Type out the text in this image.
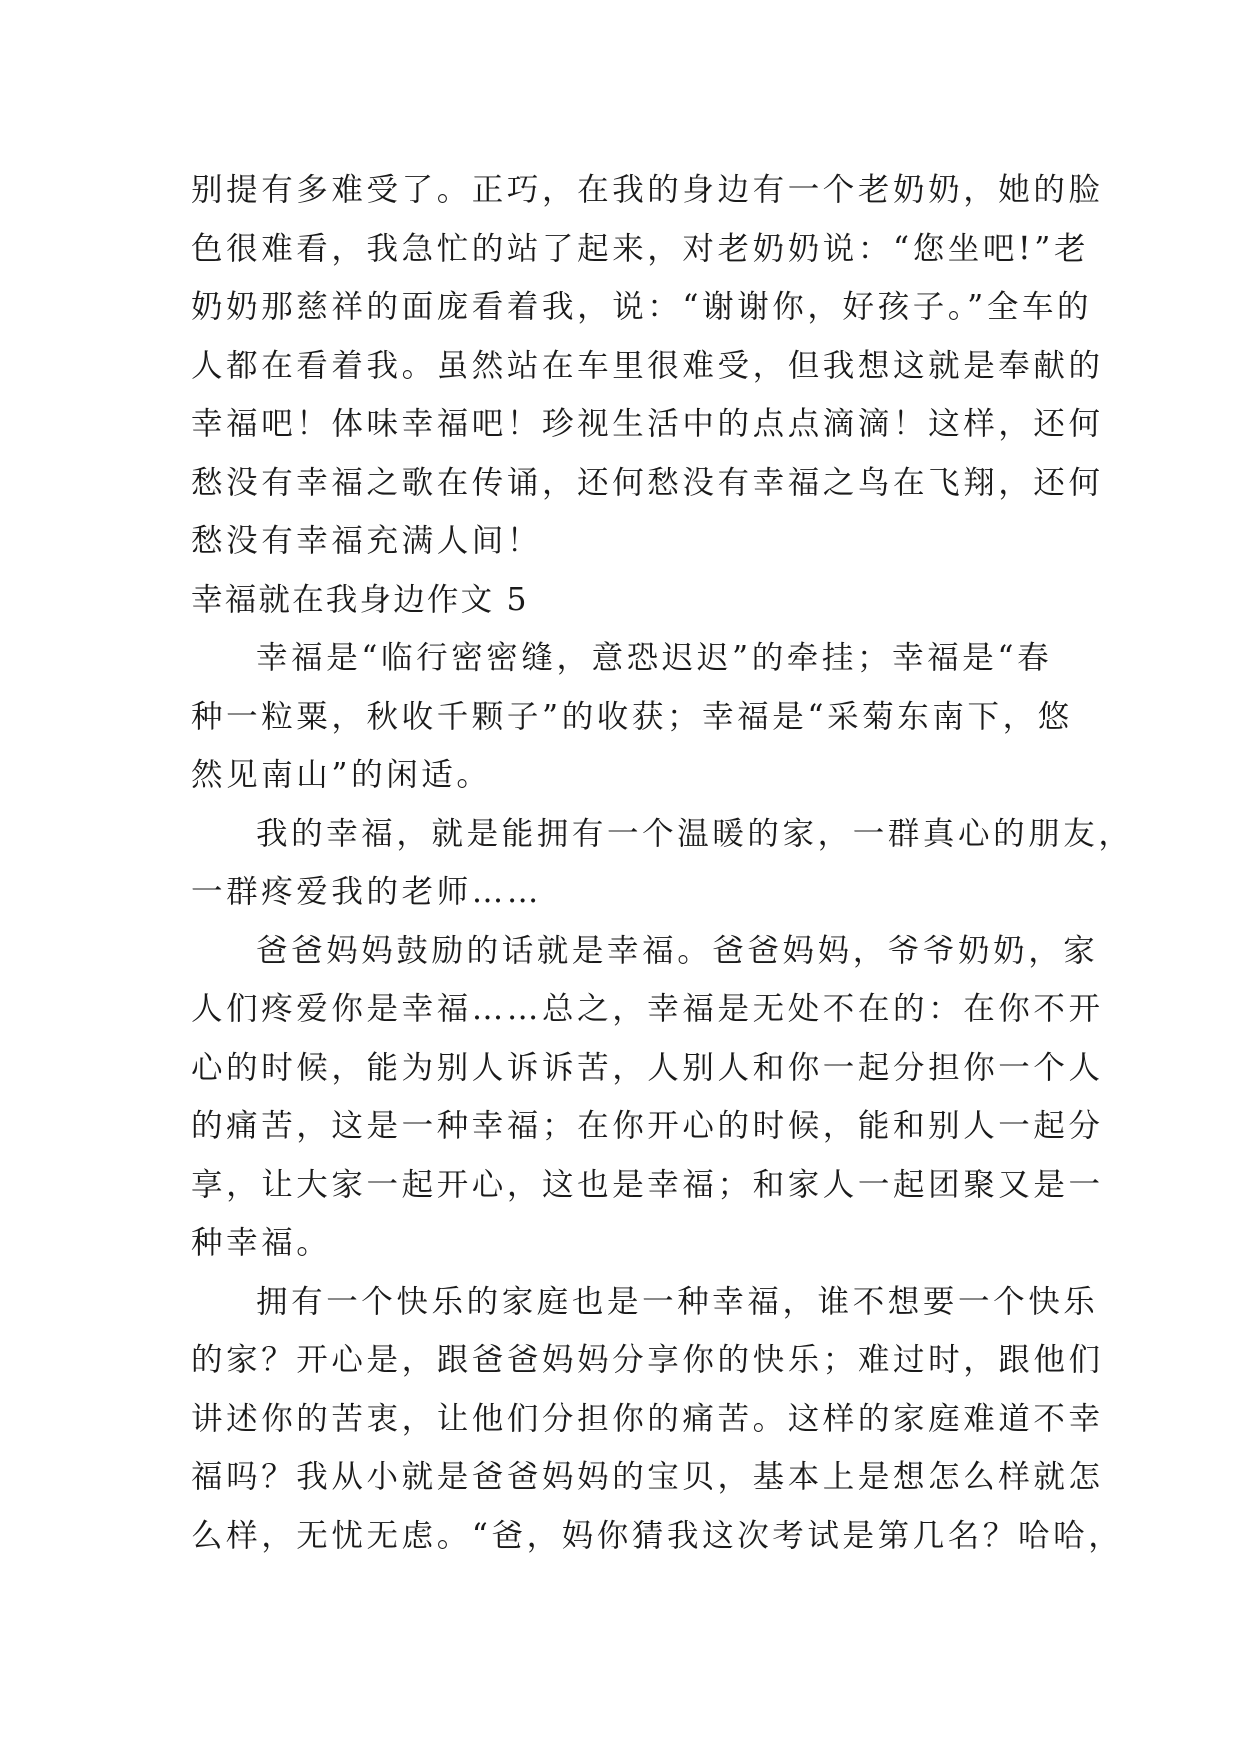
别提有多难受了。正巧，在我的身边有一个老奶奶，她的脸
色很难看，我急忙的站了起来，对老奶奶说：“您坐吧!”老
奶奶那慈祥的面庞看着我，说：“谢谢你，好孩子。”全车的
人都在看着我。虽然站在车里很难受，但我想这就是奉献的
幸福吧！体味幸福吧！珍视生活中的点点滴滴！这样，还何
愁没有幸福之歌在传诵，还何愁没有幸福之鸟在飞翔，还何
愁没有幸福充满人间！
幸福就在我身边作文 5
幸福是“临行密密缝，意恐迟迟”的牵挂；幸福是“春
种一粒粟，秋收千颗子”的收获；幸福是“采菊东南下，悠
然见南山”的闲适。
我的幸福，就是能拥有一个温暖的家，一群真心的朋友，
一群疼爱我的老师……
爸爸妈妈鼓励的话就是幸福。爸爸妈妈，爷爷奶奶，家
人们疼爱你是幸福……总之，幸福是无处不在的：在你不开
心的时候，能为别人诉诉苦，人别人和你一起分担你一个人
的痛苦，这是一种幸福；在你开心的时候，能和别人一起分
享，让大家一起开心，这也是幸福；和家人一起团聚又是一
种幸福。
拥有一个快乐的家庭也是一种幸福，谁不想要一个快乐
的家？开心是，跟爸爸妈妈分享你的快乐；难过时，跟他们
讲述你的苦衷，让他们分担你的痛苦。这样的家庭难道不幸
福吗？我从小就是爸爸妈妈的宝贝，基本上是想怎么样就怎
么样，无忧无虑。“爸，妈你猜我这次考试是第几名？哈哈，
